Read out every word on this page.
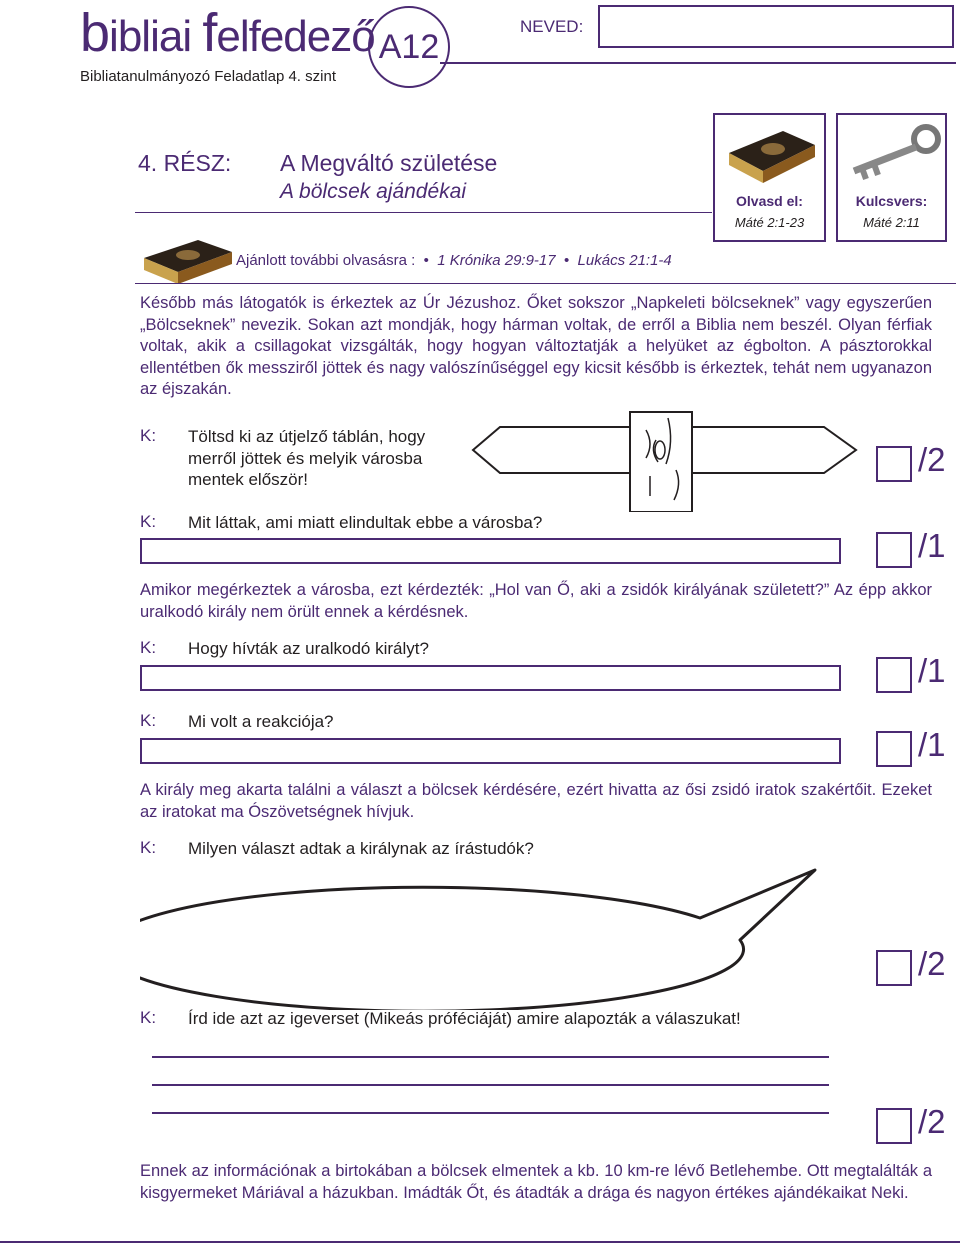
bibliai felfedező A12
Bibliatanulmányozó Feladatlap 4. szint
NEVED:
4. RÉSZ: A Megváltó születése
A bölcsek ajándékai	Olvasd el:
Máté 2:1-23
Kulcsvers:
Máté 2:11
Ajánlott további olvasásra :  •  1 Krónika 29:9-17  •  Lukács 21:1-4
Később más látogatók is érkeztek az Úr Jézushoz. Őket sokszor „Napkeleti bölcseknek” vagy egyszerűen „Bölcseknek” nevezik. Sokan azt mondják, hogy hárman voltak, de erről a Biblia nem beszél. Olyan férfiak voltak, akik a csillagokat vizsgálták, hogy hogyan változtatják a helyüket az égbolton. A pásztorokkal ellentétben ők messziről jöttek és nagy valószínűséggel egy kicsit később is érkeztek, tehát nem ugyanazon az éjszakán.
K: Töltsd ki az útjelző táblán, hogy
merről jöttek és melyik városba
mentek először!
/2
K: Mit láttak, ami miatt elindultak ebbe a városba?
/1
Amikor megérkeztek a városba, ezt kérdezték: „Hol van Ő, aki a zsidók királyának született?” Az épp akkor uralkodó király nem örült ennek a kérdésnek.
K: Hogy hívták az uralkodó királyt?
/1
K: Mi volt a reakciója?
/1
A király meg akarta találni a választ a bölcsek kérdésére, ezért hivatta az ősi zsidó iratok szakértőit. Ezeket az iratokat ma Ószövetségnek hívjuk.
K: Milyen választ adtak a királynak az írástudók?
/2
K: Írd ide azt az igeverset (Mikeás próféciáját) amire alapozták a válaszukat!
/2
Ennek az információnak a birtokában a bölcsek elmentek a kb. 10 km-re lévő Betlehembe. Ott megtalálták a kisgyermeket Máriával a házukban. Imádták Őt, és átadták a drága és nagyon értékes ajándékaikat Neki.
